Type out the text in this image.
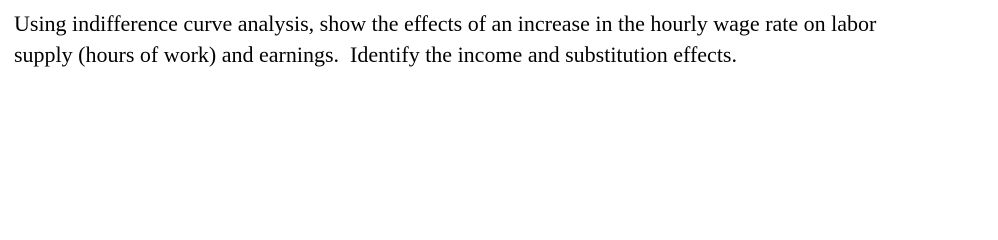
Using indifference curve analysis, show the effects of an increase in the hourly wage rate on labor

supply (hours of work) and earnings.  Identify the income and substitution effects.
